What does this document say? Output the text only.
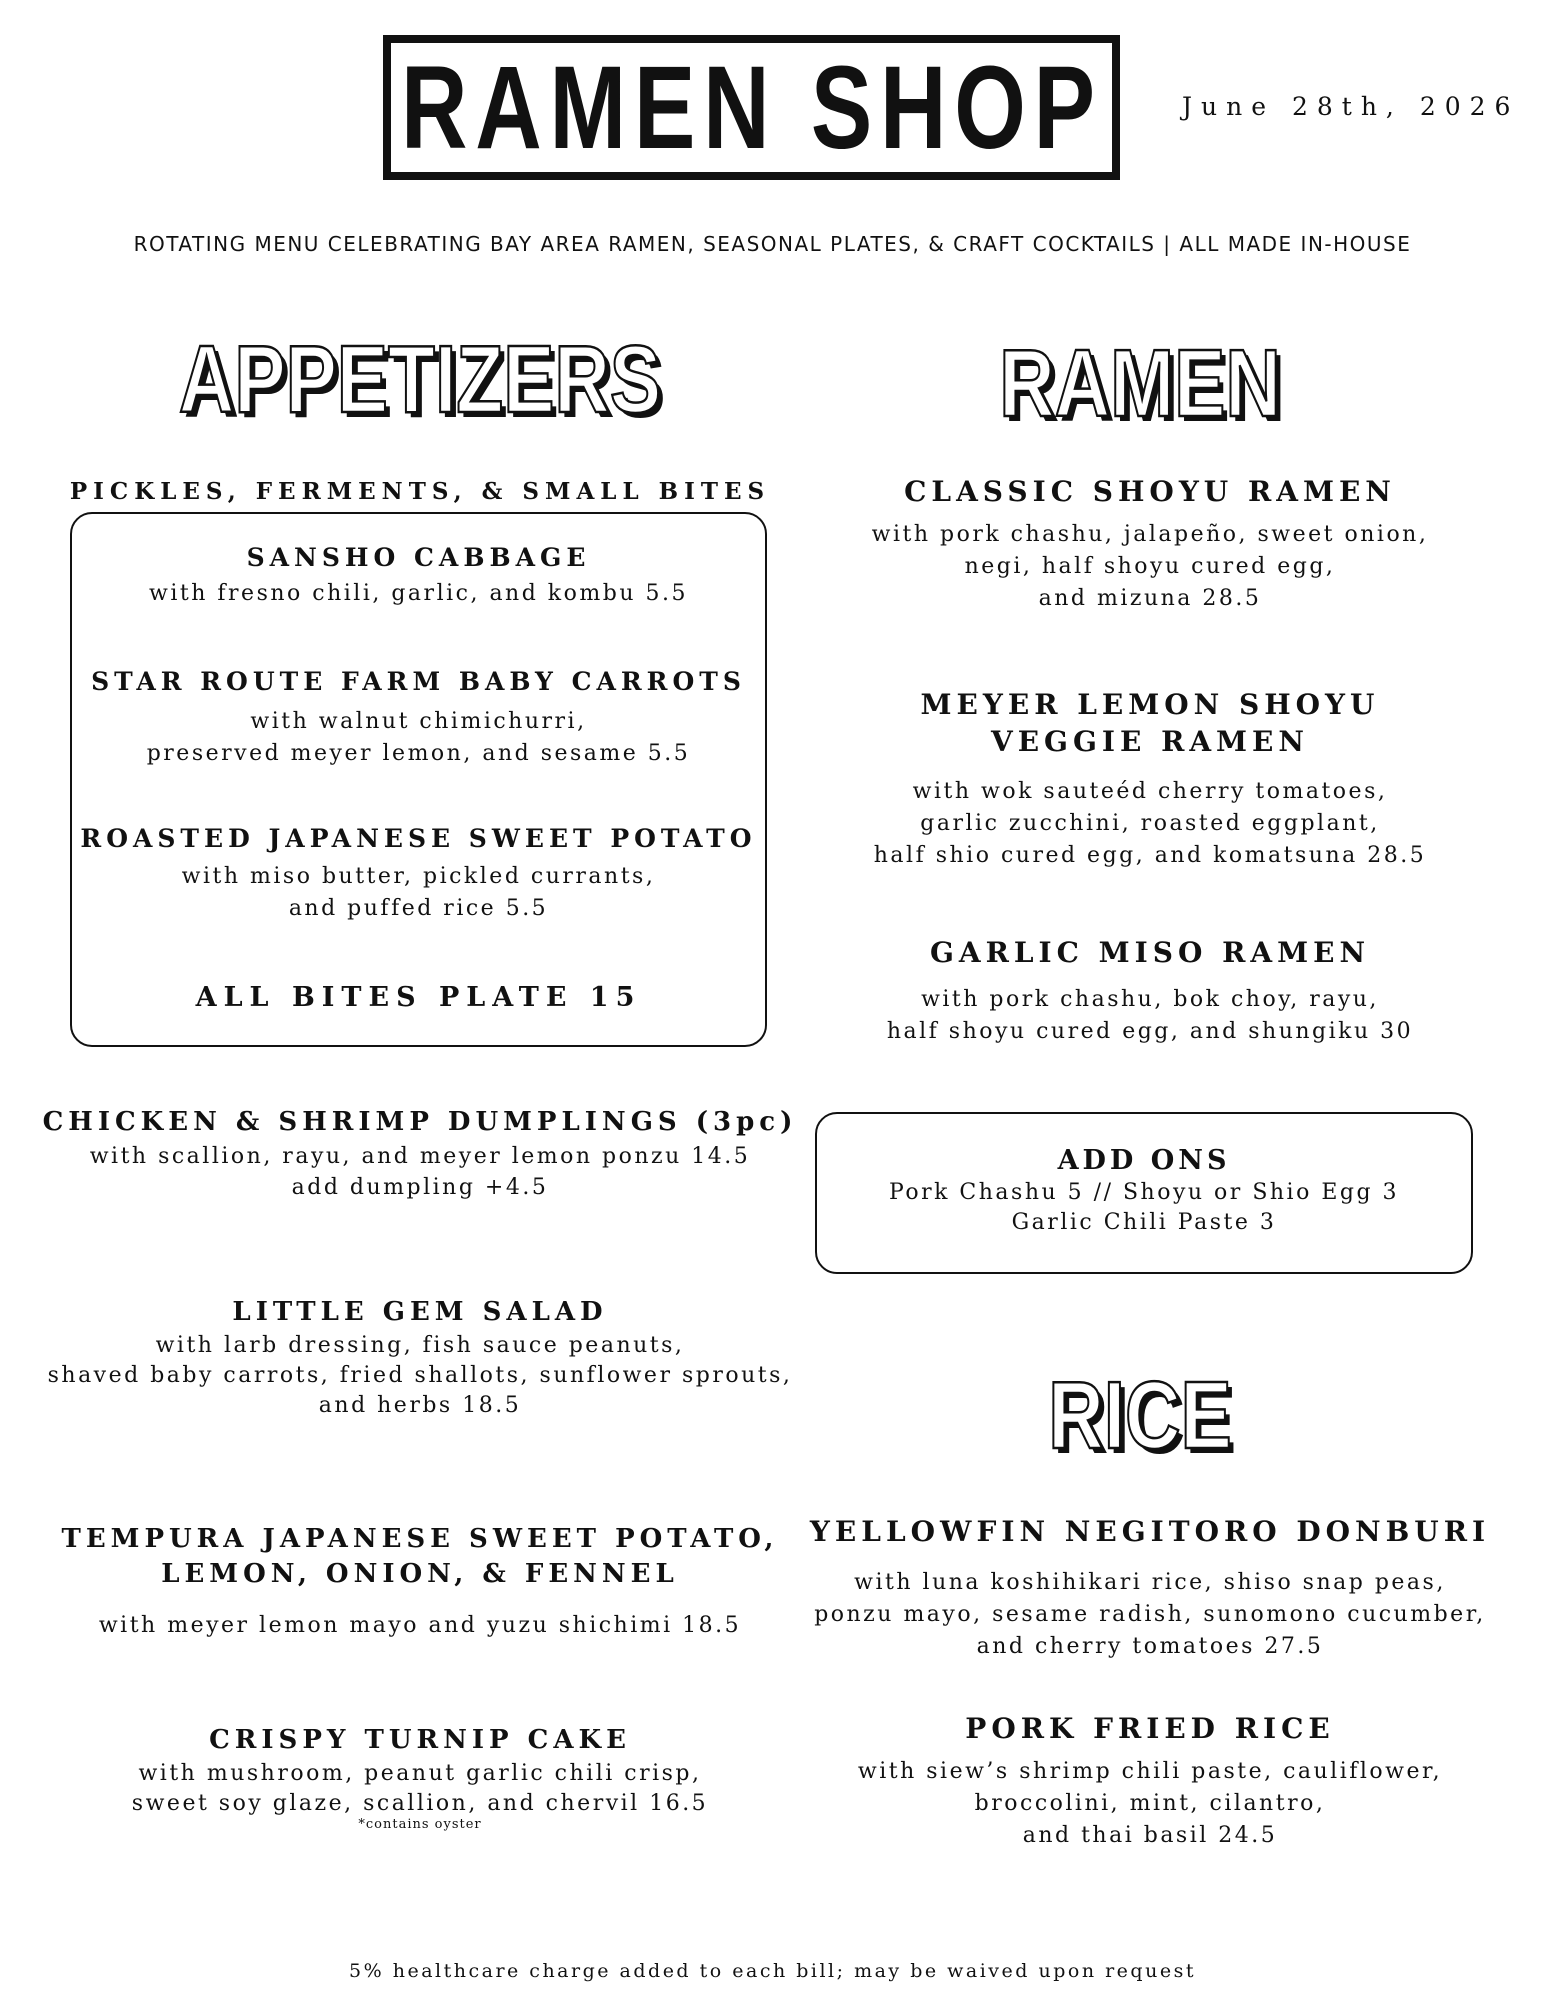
RAMEN SHOP	June 28th, 2026
ROTATING MENU CELEBRATING BAY AREA RAMEN, SEASONAL PLATES, & CRAFT COCKTAILS | ALL MADE IN-HOUSE
APPETIZERS
PICKLES, FERMENTS, & SMALL BITES
SANSHO CABBAGE
with fresno chili, garlic, and kombu 5.5
STAR ROUTE FARM BABY CARROTS
with walnut chimichurri,
preserved meyer lemon, and sesame 5.5
ROASTED JAPANESE SWEET POTATO
with miso butter, pickled currants,
and puffed rice 5.5
ALL BITES PLATE 15
CHICKEN & SHRIMP DUMPLINGS (3pc)
with scallion, rayu, and meyer lemon ponzu 14.5
add dumpling +4.5
LITTLE GEM SALAD
with larb dressing, fish sauce peanuts,
shaved baby carrots, fried shallots, sunflower sprouts,
and herbs 18.5
TEMPURA JAPANESE SWEET POTATO,
LEMON, ONION, & FENNEL
with meyer lemon mayo and yuzu shichimi 18.5
CRISPY TURNIP CAKE
with mushroom, peanut garlic chili crisp,
sweet soy glaze, scallion, and chervil 16.5
*contains oyster
RAMEN
CLASSIC SHOYU RAMEN
with pork chashu, jalapeño, sweet onion,
negi, half shoyu cured egg,
and mizuna 28.5
MEYER LEMON SHOYU
VEGGIE RAMEN
with wok sauteéd cherry tomatoes,
garlic zucchini, roasted eggplant,
half shio cured egg, and komatsuna 28.5
GARLIC MISO RAMEN
with pork chashu, bok choy, rayu,
half shoyu cured egg, and shungiku 30
ADD ONS
Pork Chashu 5 // Shoyu or Shio Egg 3
Garlic Chili Paste 3
RICE
YELLOWFIN NEGITORO DONBURI
with luna koshihikari rice, shiso snap peas,
ponzu mayo, sesame radish, sunomono cucumber,
and cherry tomatoes 27.5
PORK FRIED RICE
with siew’s shrimp chili paste, cauliflower,
broccolini, mint, cilantro,
and thai basil 24.5
5% healthcare charge added to each bill; may be waived upon request
